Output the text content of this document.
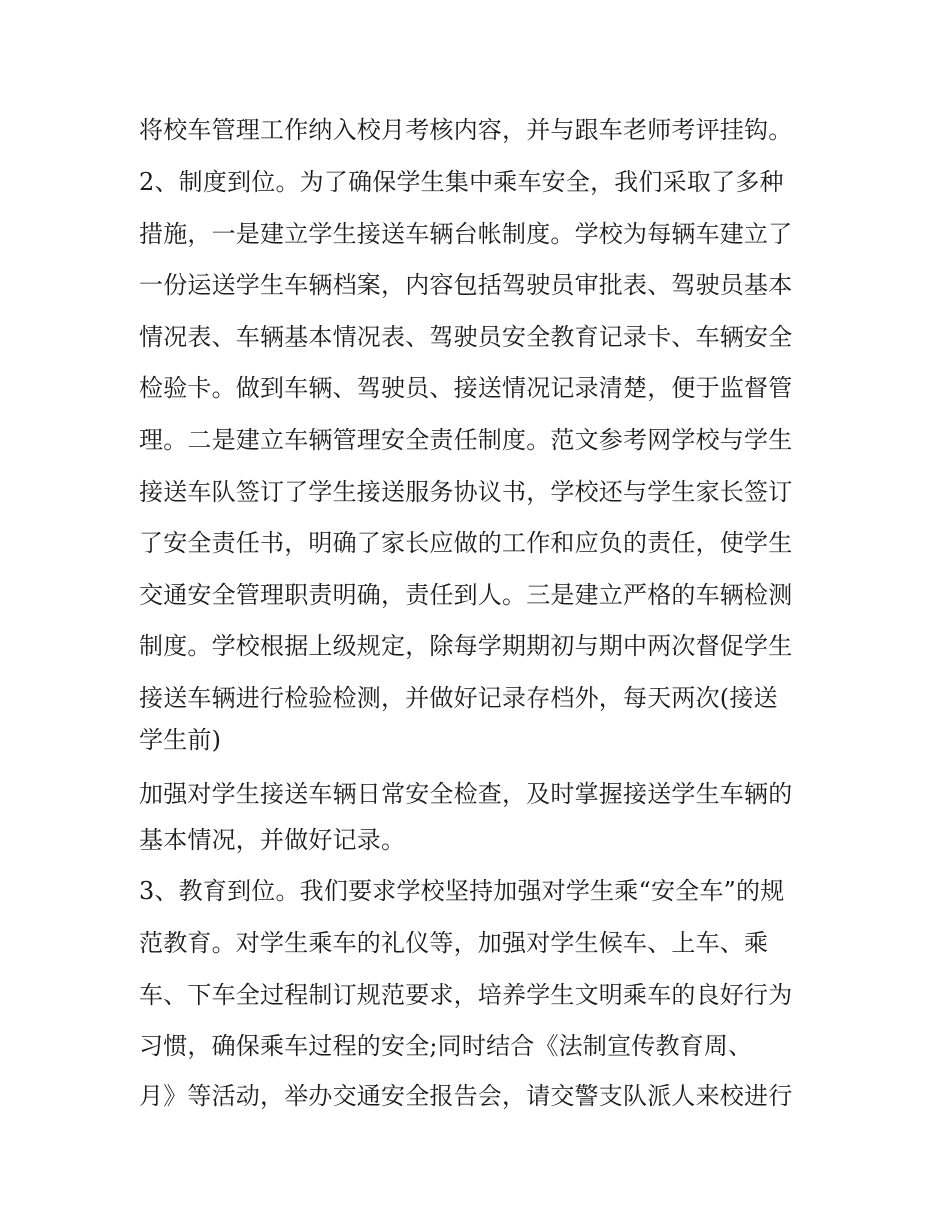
将校车管理工作纳入校月考核内容，并与跟车老师考评挂钩。
2、制度到位。为了确保学生集中乘车安全，我们采取了多种
措施，一是建立学生接送车辆台帐制度。学校为每辆车建立了
一份运送学生车辆档案，内容包括驾驶员审批表、驾驶员基本
情况表、车辆基本情况表、驾驶员安全教育记录卡、车辆安全
检验卡。做到车辆、驾驶员、接送情况记录清楚，便于监督管
理。二是建立车辆管理安全责任制度。范文参考网学校与学生
接送车队签订了学生接送服务协议书，学校还与学生家长签订
了安全责任书，明确了家长应做的工作和应负的责任，使学生
交通安全管理职责明确，责任到人。三是建立严格的车辆检测
制度。学校根据上级规定，除每学期期初与期中两次督促学生
接送车辆进行检验检测，并做好记录存档外，每天两次(接送
学生前)
加强对学生接送车辆日常安全检查，及时掌握接送学生车辆的
基本情况，并做好记录。
3、教育到位。我们要求学校坚持加强对学生乘“安全车”的规
范教育。对学生乘车的礼仪等，加强对学生候车、上车、乘
车、下车全过程制订规范要求，培养学生文明乘车的良好行为
习惯，确保乘车过程的安全;同时结合《法制宣传教育周、
月》等活动，举办交通安全报告会，请交警支队派人来校进行
